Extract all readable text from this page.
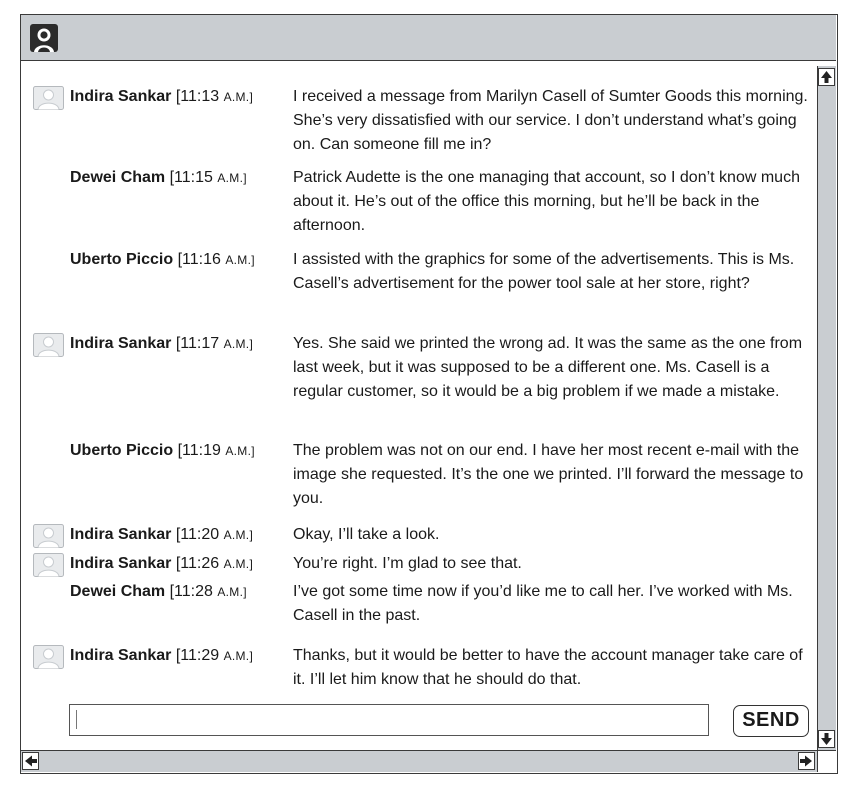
Indira Sankar [11:13 A.M.] I received a message from Marilyn Casell of Sumter Goods this morning. She’s very dissatisfied with our service. I don’t understand what’s going on. Can someone fill me in?
Dewei Cham [11:15 A.M.]	Patrick Audette is the one managing that account, so I don’t know much about it. He’s out of the office this morning, but he’ll be back in the afternoon.
Uberto Piccio [11:16 A.M.] I assisted with the graphics for some of the advertisements. This is Ms. Casell’s advertisement for the power tool sale at her store, right?
Indira Sankar [11:17 A.M.] Yes. She said we printed the wrong ad. It was the same as the one from last week, but it was supposed to be a different one. Ms. Casell is a regular customer, so it would be a big problem if we made a mistake.
Uberto Piccio [11:19 A.M.] The problem was not on our end. I have her most recent e-mail with the image she requested. It’s the one we printed. I’ll forward the message to you.
Indira Sankar [11:20 A.M.] Okay, I’ll take a look.
Indira Sankar [11:26 A.M.] You’re right. I’m glad to see that.
Dewei Cham [11:28 A.M.]	I’ve got some time now if you’d like me to call her. I’ve worked with Ms. Casell in the past.
Indira Sankar [11:29 A.M.] Thanks, but it would be better to have the account manager take care of it. I’ll let him know that he should do that.
SEND
